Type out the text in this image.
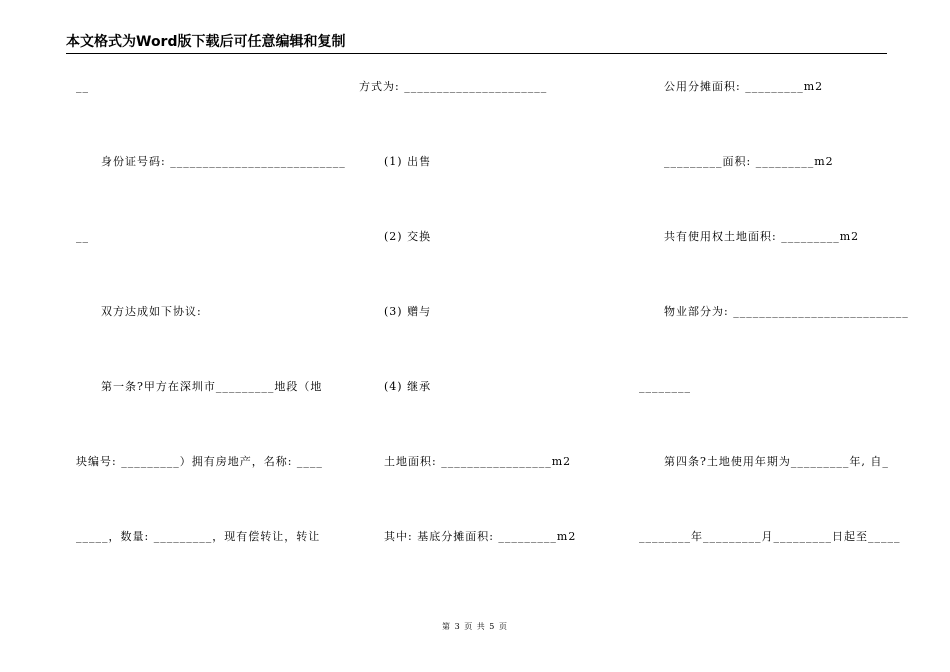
本文格式为Word版下载后可任意编辑和复制
__
身份证号码: ___________________________
__
双方达成如下协议:
第一条?甲方在深圳市_________地段（地
块编号: _________）拥有房地产，名称: ____
_____，数量: _________，现有偿转让，转让
方式为: ______________________
(1) 出售
(2) 交换
(3) 赠与
(4) 继承
土地面积: _________________m2
其中: 基底分摊面积: _________m2
公用分摊面积: _________m2
_________面积: _________m2
共有使用权土地面积: _________m2
物业部分为: ___________________________
________
第四条?土地使用年期为_________年, 自_
________年_________月_________日起至_____
第 3 页 共 5 页
